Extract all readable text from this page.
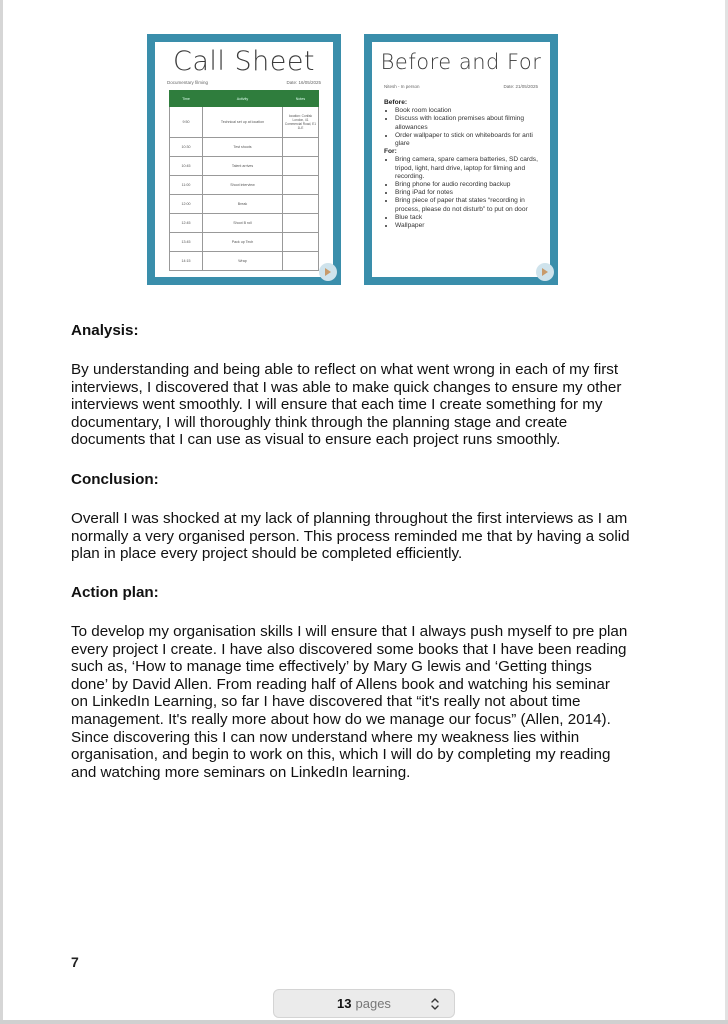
Call Sheet
Documentary filming	Date: 16/05/2025
Time	Activity	Notes
9:50	Technical set up at location	location: Conlisk London, 41 Commercial Road, E1 1LE
10:30	Test shoots	
10:45	Talent arrives	
11:00	Shoot interview	
12:00	Break	
12:45	Shoot B roll	
13:45	Pack up Tech	
14:15	Wrap	
Before and For
Nitesh - In person	Date: 21/05/2025
Before:
• Book room location
• Discuss with location premises about filming allowances
• Order wallpaper to stick on whiteboards for anti glare
For:
• Bring camera, spare camera batteries, SD cards, tripod, light, hard drive, laptop for filming and recording.
• Bring phone for audio recording backup
• Bring iPad for notes
• Bring piece of paper that states “recording in process, please do not disturb” to put on door
• Blue tack
• Wallpaper
Analysis:
By understanding and being able to reflect on what went wrong in each of my first
interviews, I discovered that I was able to make quick changes to ensure my other
interviews went smoothly. I will ensure that each time I create something for my
documentary, I will thoroughly think through the planning stage and create
documents that I can use as visual to ensure each project runs smoothly.
Conclusion:
Overall I was shocked at my lack of planning throughout the first interviews as I am
normally a very organised person. This process reminded me that by having a solid
plan in place every project should be completed efficiently.
Action plan:
To develop my organisation skills I will ensure that I always push myself to pre plan
every project I create. I have also discovered some books that I have been reading
such as, ‘How to manage time effectively’ by Mary G lewis and ‘Getting things
done’ by David Allen. From reading half of Allens book and watching his seminar
on LinkedIn Learning, so far I have discovered that “it's really not about time
management. It's really more about how do we manage our focus” (Allen, 2014).
Since discovering this I can now understand where my weakness lies within
organisation, and begin to work on this, which I will do by completing my reading
and watching more seminars on LinkedIn learning.
7
13 pages
